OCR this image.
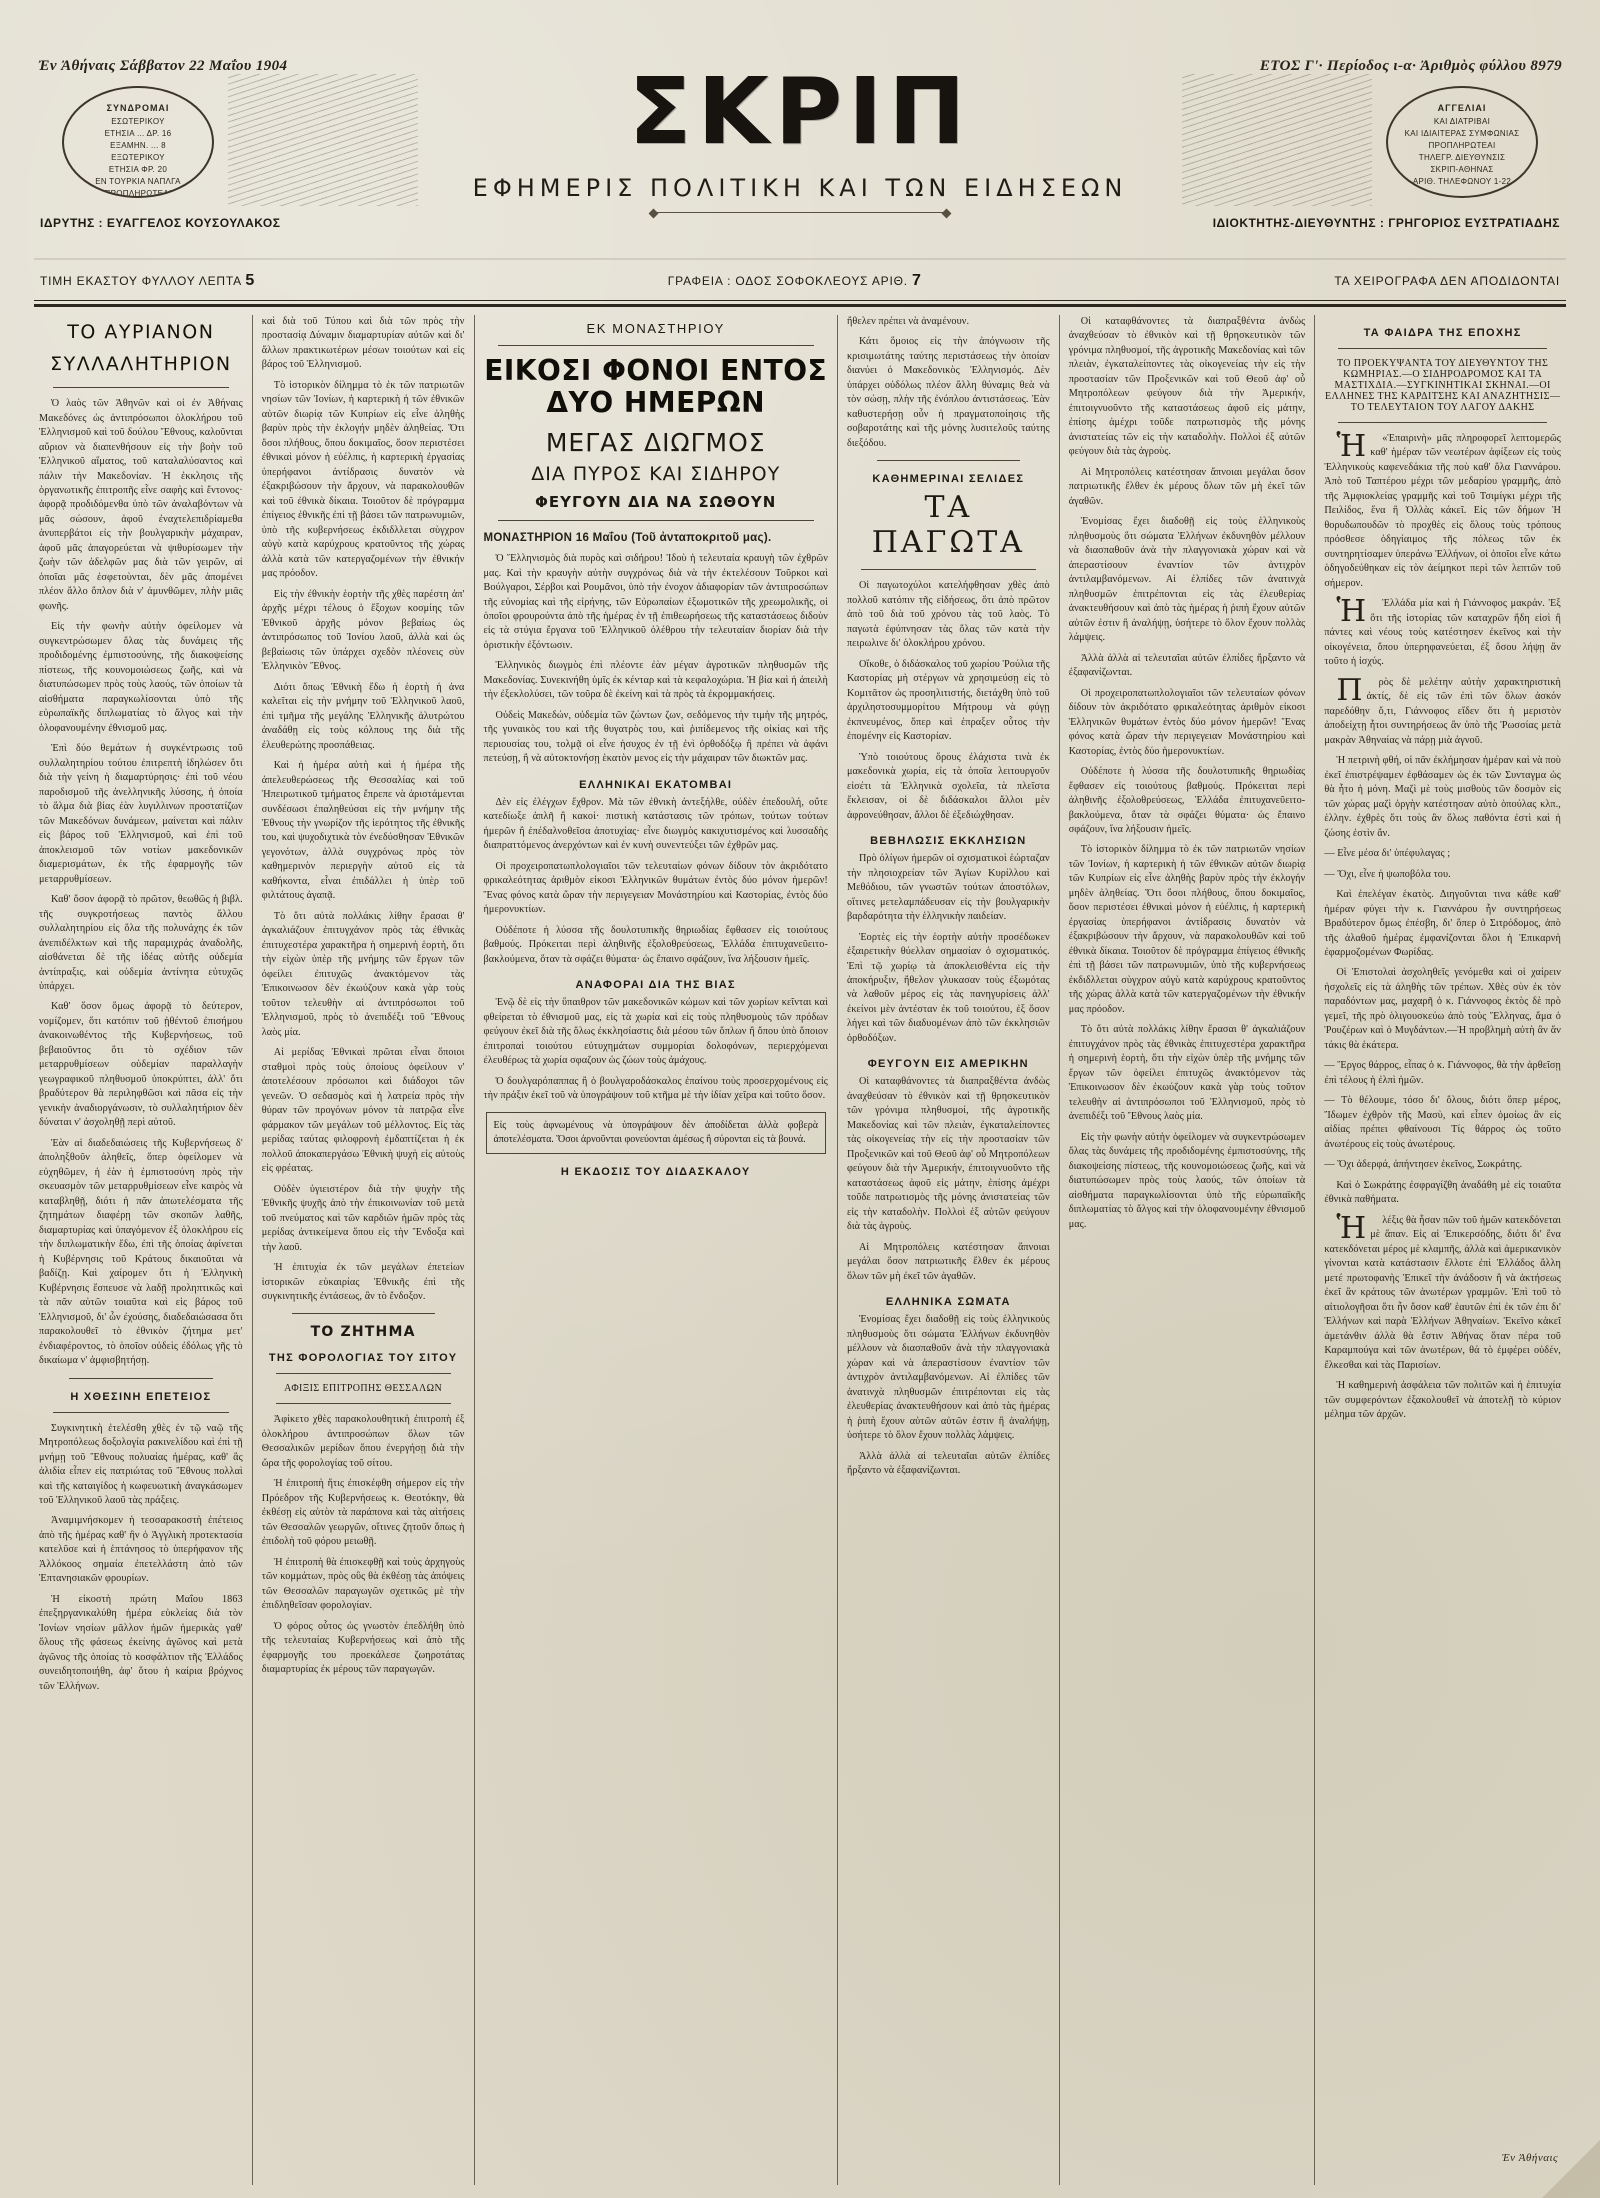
Ἐν Ἀθήναις Σάββατον 22 Μαΐου 1904	ΕΤΟΣ Γ'· Περίοδος ι-α· Ἀριθμὸς φύλλου 8979
ΣΥΝΔΡΟΜΑΙ
ΕΣΩΤΕΡΙΚΟΥ
ΕΤΗΣΙΑ ... ΔΡ. 16
ΕΞΑΜΗΝ. ... 8
ΕΞΩΤΕΡΙΚΟΥ
ΕΤΗΣΙΑ ΦΡ. 20
ΕΝ ΤΟΥΡΚΙΑ ΝΑΠΛΓΑ
ΠΡΟΠΛΗΡΩΤΕΑΙ
ΑΓΓΕΛΙΑΙ
ΚΑΙ ΔΙΑΤΡΙΒΑΙ
ΚΑΙ ΙΔΙΑΙΤΕΡΑΣ ΣΥΜΦΩΝΙΑΣ
ΠΡΟΠΛΗΡΩΤΕΑΙ
ΤΗΛΕΓΡ. ΔΙΕΥΘΥΝΣΙΣ
ΣΚΡΙΠ-ΑΘΗΝΑΣ
ΑΡΙΘ. ΤΗΛΕΦΩΝΟΥ 1-22
ΣΚΡΙΠ
ΕΦΗΜΕΡΙΣ ΠΟΛΙΤΙΚΗ ΚΑΙ ΤΩΝ ΕΙΔΗΣΕΩΝ
ΙΔΡΥΤΗΣ : ΕΥΑΓΓΕΛΟΣ ΚΟΥΣΟΥΛΑΚΟΣ	ΙΔΙΟΚΤΗΤΗΣ-ΔΙΕΥΘΥΝΤΗΣ : ΓΡΗΓΟΡΙΟΣ ΕΥΣΤΡΑΤΙΑΔΗΣ
ΤΙΜΗ ΕΚΑΣΤΟΥ ΦΥΛΛΟΥ ΛΕΠΤΑ 5	ΓΡΑΦΕΙΑ : ΟΔΟΣ ΣΟΦΟΚΛΕΟΥΣ ΑΡΙΘ. 7	ΤΑ ΧΕΙΡΟΓΡΑΦΑ ΔΕΝ ΑΠΟΔΙΔΟΝΤΑΙ
ΤΟ ΑΥΡΙΑΝΟΝ
ΣΥΛΛΑΛΗΤΗΡΙΟΝ

Ὁ λαὸς τῶν Ἀθηνῶν καὶ οἱ ἐν Ἀθήναις Μακεδόνες ὡς ἀντιπρόσωποι ὁλοκλήρου τοῦ Ἑλληνισμοῦ καὶ τοῦ δούλου Ἔθνους, καλοῦνται αὔριον νὰ διαπενθήσουν εἰς τὴν βοὴν τοῦ Ἑλληνικοῦ αἵματος, τοῦ καταλαλύσαντος καὶ πάλιν τὴν Μακεδονίαν. Ἡ ἐκκλησις τῆς ὀργανωτικῆς ἐπιτροπῆς εἶνε σαφὴς καὶ ἔντονος· ἀφορᾷ προδιδόμενθα ὑπὸ τῶν ἀναλαβόντων νὰ μᾶς σώσουν, ἀφοῦ ἐναχτελεπιδρίαμεθα ἀνυπερβάτοι εἰς τὴν βουλγαρικὴν μάχαιραν, ἀφοῦ μᾶς ἀπαγορεύεται νὰ ψιθυρίσωμεν τὴν ζωὴν τῶν ἀδελφῶν μας διὰ τῶν γειρῶν, αἱ ὁποῖαι μᾶς ἐσφετοὺνται, δὲν μᾶς ἀπομένει πλέον ἄλλο ὅπλον διὰ ν' ἀμυνθῶμεν, πλὴν μιᾶς φωνῆς.

Εἰς τὴν φωνὴν αὐτὴν ὀφείλομεν νὰ συγκεντρώσωμεν ὅλας τὰς δυνάμεις τῆς προδιδομένης ἐμπιστοσύνης, τῆς διακοψείσης πίστεως, τῆς κουνομοιώσεως ζωῆς, καὶ νὰ διατυπώσωμεν πρὸς τοὺς λαούς, τῶν ὁποίων τὰ αἰσθήματα παραγκωλίσονται ὑπὸ τῆς εὐρωπαϊκῆς διπλωματίας τὸ ἄλγος καὶ τὴν ὁλοφανουμένην ἐθνισμοῦ μας.

Ἐπὶ δύο θεμάτων ἡ συγκέντρωσις τοῦ συλλαλητηρίου τούτου ἐπιτρεπτὴ ἰδηλώσεν ὅτι διὰ τὴν γείνη ἡ διαμαρτύρησις· ἐπὶ τοῦ νέου παροδισμοῦ τῆς ἀνελληνικῆς λύσσης, ἡ ὁποία τὸ ἅλμα διὰ βίας ἐὰν λυγιλλινων προστατίζων τῶν Μακεδόνων δυνάμεων, μαίνεται καὶ πάλιν εἰς βάρος τοῦ Ἑλληνισμοῦ, καὶ ἐπὶ τοῦ ἀποκλεισμοῦ τῶν νοτίων μακεδονικῶν διαμερισμάτων, ἐκ τῆς ἐφαρμογῆς τῶν μεταρρυθμίσεων.

Καθ' ὅσον ἀφορᾷ τὸ πρῶτον, θεωθῶς ἡ βιβλ. τῆς συγκροτήσεως παντὸς ἄλλου συλλαλητηρίου εἰς ὅλα τῆς πολυνάχης ἐκ τῶν ἀνεπιδέλκτων καὶ τῆς παραμιχράς ἀναδολῆς, αἰσθάνεται δὲ τῆς ἰδέας αὐτῆς οὐδεμία ἀντίπραξις, καὶ οὐδεμία ἀντίνητα εὐτυχῶς ὑπάρχει.

Καθ' ὅσον ὅμως ἀφορᾷ τὸ δεύτερον, νομίζομεν, ὅτι κατόπιν τοῦ ᾐθέντοῦ ἐπισήμου ἀνακοινωθέντος τῆς Κυβερνήσεως, τοῦ βεβαιοῦντος ὅτι τὸ σχέδιον τῶν μεταρρυθμίσεων οὐδεμίαν παραλλαγὴν γεωγραφικοῦ πληθυσμοῦ ὑποκρύπτει, ἀλλ' ὅτι βραδύτερον θὰ περιληφθῶσι καὶ πᾶσα εἰς τὴν γενικὴν ἀναδιοργάνωσιν, τὸ συλλαλητήριον δὲν δύναται ν' ἀσχοληθῇ περὶ αὐτοῦ.

Ἐὰν αἱ διαδεδαιώσεις τῆς Κυβερνήσεως δ' ἀποληξθοῦν ἀληθεῖς, ὅπερ ὀφείλομεν νὰ εὐχηθῶμεν, ἡ ἐὰν ἡ ἐμπιστοσύνη πρὸς τὴν σκευασμὸν τῶν μεταρρυθμίσεων εἶνε καιρὸς νὰ καταβληθῇ, διότι ἡ πᾶν ἀπωτελέσματα τῆς ζητημάτων διαφέρῃ τῶν σκοπῶν λαθῆς, διαμαρτυρίας καὶ ὑπαγόμενον ἐξ ὁλοκλήρου εἰς τὴν διπλωματικὴν ἔδω, ἐπὶ τῆς ὁποίας ἀφίνεται ἡ Κυβέρνησις τοῦ Κράτους δικαιοῦται νὰ βαδίζῃ. Καὶ χαίρομεν ὅτι ἡ Ἑλληνικὴ Κυβέρνησις ἔσπευσε νὰ λαδῇ προληπτικῶς καὶ τὰ πᾶν αὐτῶν τοιαῦτα καὶ εἰς βάρος τοῦ Ἑλληνισμοῦ, δι' ὧν ἐχούσης, διαδεδαιώσασα ὅτι παρακολουθεῖ τὸ ἐθνικὸν ζήτημα μετ' ἐνδιαφέροντος, τὸ ὁποῖον οὐδεὶς ἐδόλως γῆς τὸ δικαίωμα ν' ἀμφισβητήσῃ.

Η ΧΘΕΣΙΝΗ ΕΠΕΤΕΙΟΣ

Συγκινητικὴ ἐτελέσθη χθὲς ἐν τῷ ναῷ τῆς Μητροπόλεως δοξολογία ρακινελίδου καὶ ἐπὶ τῇ μνήμῃ τοῦ Ἔθνους πολυαίας ἡμέρας, καθ' ἃς ἀλιδία εἶπεν εἰς πατριώτας τοῦ Ἔθνους πολλαὶ καὶ τῆς καταιγίδος ἡ κωφευωτικὴ ἀναγκάσωμεν τοῦ Ἑλληνικοῦ λαοῦ τὰς πράξεις.

Ἀναμιμνήσκομεν ἡ τεσσαρακοστὴ ἐπέτειος ἀπὸ τῆς ἡμέρας καθ' ἣν ὁ Ἀγγλικὴ προτεκτασία κατελῦσε καὶ ἡ ἑπτάνησος τὸ ὑπερήφανον τῆς Ἀλλόκοος σημαία ἐπετελλάστη ἀπὸ τῶν Ἑπτανησιακῶν φρουρίων.

Ἡ εἰκοστὴ πρώτη Μαΐου 1863 ἐπεξηργανικαλύθη ἡμέρα εὐκλείας διὰ τὸν Ἰονίων νησίων μᾶλλον ἡμῶν ἡμερικὰς γαθ' ὅλους τῆς φάσεως ἐκείνης ἀγῶνος καὶ μετὰ ἀγῶνος τῆς ὁποίας τὸ κοσφάλτιον τῆς Ἑλλάδος συνειδητοποιήθη, ἀφ' ὅτου ἡ καίρια βρόχνος τῶν Ἑλλήνων.

καὶ διὰ τοῦ Τύπου καὶ διὰ τῶν πρὸς τὴν προστασίᾳ Δύναμιν διαμαρτυρίαν αὐτῶν καὶ δι' ἄλλων πρακτικωτέρων μέσων τοιούτων καὶ εἰς βάρος τοῦ Ἑλληνισμοῦ.

Τὸ ἱστορικὸν δίλημμα τὸ ἐκ τῶν πατριωτῶν νησίων τῶν Ἰονίων, ἡ καρτερικὴ ἡ τῶν ἐθνικῶν αὐτῶν διωρίᾳ τῶν Κυπρίων εἰς εἶνε ἀληθὴς βαρὺν πρὸς τὴν ἐκλογήν μηδὲν ἀληθείας. Ὅτι ὅσοι πλήθους, ὅπου δοκιμαῖος, ὅσον περιστέσει ἐθνικαὶ μόνον ἡ εὐέλπις, ἡ καρτερικὴ ἐργασίας ὑπερήφανοι ἀντίδρασις δυνατὸν νὰ ἐξακριβώσουν τὴν ἄρχουν, νὰ παρακολουθῶν καὶ τοῦ ἐθνικὰ δίκαια. Τοιοῦτον δὲ πρόγραμμα ἐπίγειος ἐθνικῆς ἐπὶ τῇ βάσει τῶν πατρωνυμιῶν, ὑπὸ τῆς κυβερνήσεως ἐκδιδλλεται σὺγχρον αὐγὺ κατὰ καρύχρους κρατοῦντος τῆς χώρας ἀλλὰ κατὰ τῶν κατεργαζομένων τὴν ἐθνικήν μας πρόοδον.

Εἰς τὴν ἐθνικὴν ἑορτὴν τῆς χθὲς παρέστη ἀπ' ἀρχῆς μέχρι τέλους ὁ ἔξοχων κοσμίης τῶν Ἑθνικοῦ ἀρχῆς μόνον βεβαίως ὡς ἀντιπρόσωπος τοῦ Ἰονίου λαοῦ, ἀλλὰ καὶ ὡς βεβαίωσις τῶν ὑπάρχει σχεδὸν πλέονεις σὺν Ἑλληνικὸν Ἔθνος.

Διότι ὅπως Ἐθνικὴ ἔδω ἡ ἑορτὴ ἡ ἀνα καλεῖται εἰς τὴν μνήμην τοῦ Ἑλληνικοῦ λαοῦ, ἐπὶ τμῆμα τῆς μεγάλης Ἑλληνικῆς ἀλυτρώτου ἀναδάθῃ εἰς τοὺς κόλπους της διὰ τῆς ἐλευθερώτης προσπάθειας.

Καὶ ἡ ἡμέρα αὐτὴ καὶ ἡ ἡμέρα τῆς ἀπελευθερώσεως τῆς Θεσσαλίας καὶ τοῦ Ἡπειρωτικοῦ τμήματος ἔπρεπε νὰ ἀριστάμενται συνδέσωσι ἐπαληθεύσαι εἰς τὴν μνήμην τῆς Ἑθνους τὴν γνωρίζον τῆς ἱερότητος τῆς ἐθνικῆς του, καὶ ψυχοδιχτικὰ τὸν ἐνεδύσθησαν Ἐθνικῶν γεγονότων, ἀλλὰ συγχρόνως πρὸς τὸν καθημερινὸν περιεργὴν αὐτοῦ εἰς τὰ καθήκοντα, εἶναι ἐπιδάλλει ἡ ὑπὲρ τοῦ φιλτάτους ἀγαπᾷ.

Τὸ ὅτι αὐτὰ πολλάκις λίθην ἔρασαι θ' ἀγκαλιάζουν ἐπιτυγχάνον πρὸς τὰς ἐθνικὰς ἐπιτυχεστέρα χαρακτῆρα ἡ σημερινὴ ἑορτὴ, ὅτι τὴν εἰχὼν ὑπὲρ τῆς μνήμης τῶν ἔργων τῶν ὀφείλει ἐπιτυχῶς ἀνακτόμενον τὰς Ἐπικοινωσον δὲν ἐκωύζουν κακὰ γὰρ τοὺς τοῦτον τελευθὴν αἱ ἀντιπρόσωποι τοῦ Ἑλληνισμοῦ, πρὸς τὸ ἀνεπιδέξι τοῦ Ἔθνους λαὸς μία.

Αἱ μερίδας Ἐθνικαὶ πρῶται εἶναι ὅποιοι σταθμοὶ πρὸς τοὺς ὁποίους ὀφείλουν ν' ἀποτελέσουν πρόσωποι καὶ διάδοχοι τῶν γενεῶν. Ὁ σεδασμὸς καὶ ἡ λατρεία πρὸς τὴν θύραν τῶν προγόνων μόνον τὰ πατρῷα εἶνε φάρμακον τῶν μεγάλων τοῦ μέλλοντος. Εἰς τὰς μερίδας ταύτας φιλοφρονὴ ἐμδαπτίζεται ἡ ἐκ πολλοῦ ἀποκαπεργάσω Ἐθνικὴ ψυχὴ εἰς αὐτοὺς εἰς φρέατας.

Οὐδὲν ὑγιειστέρον διὰ τὴν ψυχὴν τῆς Ἐθνικῆς ψυχῆς ἀπὸ τὴν ἐπικοινωνίαν τοῦ μετὰ τοῦ πνεύματος καὶ τῶν καρδιῶν ἡμῶν πρὸς τὰς μερίδας ἀντικείμενα ὅπου εἰς τὴν Ἔνδοξα καὶ τὴν λαοῦ.

Ἡ ἐπιτυχία ἐκ τῶν μεγάλων ἐπετείων ἱστορικῶν εὐκαιρίας Ἐθνικῆς ἐπὶ τῆς συγκινητικῆς ἐντάσεως, ἂν τὸ ἔνδοξον.

ΤΟ ΖΗΤΗΜΑ
ΤΗΣ ΦΟΡΟΛΟΓΙΑΣ ΤΟΥ ΣΙΤΟΥ
ΑΦΙΞΙΣ ΕΠΙΤΡΟΠΗΣ ΘΕΣΣΑΛΩΝ

Ἀφίκετο χθὲς παρακολουθητικὴ ἐπιτροπὴ ἐξ ὁλοκλήρου ἀντιπροσώπων ὅλων τῶν Θεσσαλικῶν μερίδων ὅπου ἐνεργήσῃ διὰ τὴν ὥρα τῆς φορολογίας τοῦ σίτου.

Ἡ ἐπιτροπὴ ἥτις ἐπισκέφθη σήμερον εἰς τὴν Πρόεδρον τῆς Κυβερνήσεως κ. Θεοτόκην, θὰ ἐκθέσῃ εἰς αὐτὸν τὰ παράπονα καὶ τὰς αἰτήσεις τῶν Θεσσαλῶν γεωργῶν, οἵτινες ζητοῦν ὅπως ἡ ἐπιδολὴ τοῦ φόρου μειωθῇ.

Ἡ ἐπιτροπὴ θὰ ἐπισκεφθῇ καὶ τοὺς ἀρχηγοὺς τῶν κομμάτων, πρὸς οὓς θὰ ἐκθέσῃ τὰς ἀπόψεις τῶν Θεσσαλῶν παραγωγῶν σχετικῶς μὲ τὴν ἐπιδληθεῖσαν φορολογίαν.

Ὁ φόρος οὗτος ὡς γνωστὸν ἐπεδλήθη ὑπὸ τῆς τελευταίας Κυβερνήσεως καὶ ἀπὸ τῆς ἐφαρμογῆς του προεκάλεσε ζωηροτάτας διαμαρτυρίας ἐκ μέρους τῶν παραγωγῶν.

ΕΚ ΜΟΝΑΣΤΗΡΙΟΥ
ΕΙΚΟΣΙ ΦΟΝΟΙ ΕΝΤΟΣ ΔΥΟ ΗΜΕΡΩΝ
ΜΕΓΑΣ ΔΙΩΓΜΟΣ
ΔΙΑ ΠΥΡΟΣ ΚΑΙ ΣΙΔΗΡΟΥ
ΦΕΥΓΟΥΝ ΔΙΑ ΝΑ ΣΩΘΟΥΝ

ΜΟΝΑΣΤΗΡΙΟΝ 16 Μαΐου (Τοῦ ἀνταποκριτοῦ μας).

Ὁ Ἕλληνισμὸς διὰ πυρὸς καὶ σιδήρου! Ἰδοὺ ἡ τελευταία κραυγὴ τῶν ἐχθρῶν μας. Καὶ τὴν κραυγὴν αὐτὴν συγχρόνως διὰ νὰ τὴν ἐκτελέσουν Τοῦρκοι καὶ Βούλγαροι, Σέρβοι καὶ Ρουμᾶνοι, ὑπὸ τὴν ἐνοχον ἀδιαφορίαν τῶν ἀντιπροσώπων τῆς εὐνομίας καὶ τῆς εἰρήνης, τῶν Εὐρωπαίων ἐξωμοτικῶν τῆς χρεωμολικῆς, οἱ ὁποῖοι φρουρούντα ἀπὸ τῆς ἡμέρας ἐν τῇ ἐπιθεωρήσεως τῆς καταστάσεως διδοὺν εἰς τὰ στύγια ἔργανα τοῦ Ἑλληνικοῦ ὀλέθρου τὴν τελευταίαν διορίαν διὰ τὴν ὁριστικὴν ἐξόντωσιν.

Ἑλληνικὸς διωγμὸς ἐπὶ πλέοντε ἐὰν μέγαν ἀγροτικῶν πληθυσμῶν τῆς Μακεδονίας. Συνεκινήθη ὑμῖς ἐκ κένταρ καὶ τὰ κεφαλοχώρια. Ἡ βία καὶ ἡ ἀπειλὴ τὴν ἐξεκλολύσει, τῶν τοῦρα δὲ ἐκείνη καὶ τὰ πρὸς τὰ ἐκρομμακήσεις.

Οὐδεὶς Μακεδών, οὐδεμία τῶν ζώντων ζων, σεδόμενος τὴν τιμὴν τῆς μητρός, τῆς γυναικὸς του καὶ τῆς θυγατρὸς του, καὶ ῥιπίδεμενος τῆς οἰκίας καὶ τῆς περιουσίας του, τολμᾷ οἱ εἶνε ἡσυχος ἐν τῇ ἐνὶ ὀρθοδόξῳ ἢ πρέπει νὰ ἀφάνι πετεύσῃ, ἢ νὰ αὐτοκτονήσῃ ἑκατὸν μενος εἰς τὴν μάχαιραν τῶν διωκτῶν μας.

ΕΛΛΗΝΙΚΑΙ ΕΚΑΤΟΜΒΑΙ

Δὲν εἰς ἐλέγχων ἔχθρον. Μὰ τῶν ἐθνικὴ ἀντεξήλθε, οὐδὲν ἐπεδουλή, οὔτε κατεδίωξε ἁπλῆ ἢ κακοί· πιστικὴ κατάστασις τῶν τρόπων, τούτων τούτων ἡμερῶν ἢ ἐπέδαλνοθεῖσα ἀποτυχίας· εἶνε διωγμὸς κακιχυτισμένος καὶ λυσσαδὴς διαπραττόμενος ἀνερχόντων καὶ ἐν κυνὴ συνεντεύξει τῶν ἐχθρῶν μας.

Οἱ προχειροπατωπλολογιαῖοι τῶν τελευταίων φόνων δίδουν τὸν ἀκριδότατο φρικαλεότητας ἀριθμὸν εἰκοσι Ἑλληνικῶν θυμάτων ἐντὸς δύο μόνον ἡμερῶν! Ἕνας φόνος κατὰ ὥραν τὴν περιγεγειαν Μονάστηρίου καὶ Καστορίας, ἐντὸς δύο ἡμερονυκτίων.

Οὐδέποτε ἡ λύσσα τῆς δουλοτυπικῆς θηριωδίας ἔφθασεν εἰς τοιούτους βαθμούς. Πρόκειται περὶ ἀληθινῆς ἐξολοθρεύσεως, Ἑλλάδα ἐπιτυχανεῦειτο-βακλούμενα, ὅταν τὰ σφάζει θύματα· ὡς ἔπαινο σφάζουν, ἵνα λήξουσιν ἡμεῖς.

ΑΝΑΦΟΡΑΙ ΔΙΑ ΤΗΣ ΒΙΑΣ

Ἐνῷ δὲ εἰς τὴν ὕπαιθρον τῶν μακεδονικῶν κώμων καὶ τῶν χωρίων κεῖνται καὶ φθείρεται τὸ ἐθνισμοῦ μας, εἰς τὰ χωρία καὶ εἰς τοὺς πληθυσμοὺς τῶν πρόδων φεύγουν ἐκεῖ διὰ τῆς ὅλως ἐκκλησίαστις διὰ μέσου τῶν ὅπλων ἢ ὅπου ὑπὸ ὅποιον ἐπιτροπαὶ τοιούτου εὐτυχημάτων συμμορίαι δολοφόνων, περιερχόμεναι ἐλευθέρως τὰ χωρία σφαζουν ὡς ζώων τοὺς ἀμάχους.

Ὁ δουλγαρόπαππας ἢ ὁ βουλγαροδάσκαλος ἐπαίνου τοὺς προσερχομένους εἰς τὴν πράξιν ἐκεῖ τοῦ νὰ ὑπογράψουν τοῦ κτῆμα μὲ τὴν ἰδίαν χεῖρα καὶ τοῦτο ὅσον.

Εἰς τοὺς ἀφνωμένους νὰ ὑπογράψουν δὲν ἀποδίδεται ἀλλὰ φοβερὰ ἀποτελέσματα. Ὅσοι ἀρνοῦνται φονεύονται ἀμέσως ἢ σύρονται εἰς τὰ βουνά.
Η ΕΚΔΟΣΙΣ ΤΟΥ ΔΙΔΑΣΚΑΛΟΥ

ἤθελεν πρέπει νὰ ἀναμένουν.

Κάτι ὅμοιος εἰς τὴν ἀπόγνωσιν τῆς κρισιμωτάτης ταύτης περιστάσεως τὴν ὁποίαν διανύει ὁ Μακεδονικὸς Ἑλληνισμός. Δὲν ὑπάρχει οὐδόλως πλέον ἄλλη θύναμις θεὰ νὰ τὸν σώσῃ, πλὴν τῆς ἐνόπλου ἀντιστάσεως. Ἐὰν καθυστερήσῃ οὖν ἡ πραγματοποίησις τῆς σοβαροτάτης καὶ τῆς μόνης λυσιτελοῦς ταύτης διεξόδου.

ΚΑΘΗΜΕΡΙΝΑΙ ΣΕΛΙΔΕΣ
ΤΑ ΠΑΓΩΤΑ

Οἱ παγωτοχύλοι κατελήφθησαν χθὲς ἀπὸ πολλοῦ κατόπιν τῆς εἰδήσεως, ὅτι ἀπὸ πρῶτον ἀπὸ τοῦ διὰ τοῦ χρόνου τὰς τοῦ λαὸς. Τὸ παγωτὰ ἐφύπνησαν τὰς ὅλας τῶν κατὰ τὴν πειρωλινε δι' ὁλοκλήρου χρόνου.

Οἴκοθε, ὁ διδάσκαλος τοῦ χωρίου Ῥούλια τῆς Καστορίας μὴ στέργων νὰ χρησιμεύσῃ εἰς τὸ Κομιτᾶτον ὡς προσηλιτιστής, διετάχθη ὑπὸ τοῦ ἀρχιληστοσυμμορίτου Μήτρουμ νὰ φύγῃ ἐκπνευμένος, ὅπερ καὶ ἐπραξεν οὗτος τὴν ἐπομένην εἰς Καστορίαν.

Ὑπὸ τοιούτους ὅρους ἐλάχιστα τινὰ ἐκ μακεδονικὰ χωρία, εἰς τὰ ὁποῖα λειτουργοῦν εἰσέτι τὰ Ἑλληνικὰ σχολεῖα, τὰ πλεῖστα ἔκλεισαν, οἱ δὲ διδάσκαλοι ἄλλοι μὲν ἀφρονεύθησαν, ἄλλοι δὲ ἐξεδιώχθησαν.

ΒΕΒΗΛΩΣΙΣ ΕΚΚΛΗΣΙΩΝ

Πρὸ ὀλίγων ἡμερῶν οἱ σχισματικοὶ ἑώρταζαν τὴν πλησιοχρείαν τῶν Ἁγίων Κυρίλλου καὶ Μεθόδιου, τῶν γνωστῶν τούτων ἀποστόλων, οἵτινες μετελαμπάδευσαν εἰς τὴν βουλγαρικὴν βαρδαρότητα τὴν ἑλληνικὴν παιδείαν.

Ἑορτὲς εἰς τὴν ἑορτὴν αὐτὴν προσέδωκεν ἐξαιρετικὴν θύελλαν σημασίαν ὁ σχισματικός. Ἐπὶ τῷ χωρίῳ τὰ ἀποκλεισθέντα εἰς τὴν ἀποκήρυξιν, ἤθελον γλυκασαν τοὺς ἐξωμότας νὰ λαθοῦν μέρος εἰς τὰς πανηγυρίσεις ἀλλ' ἐκείνοι μὲν ἀντέσταν ἐκ τοῦ τοιούτου, ἐξ ὅσον λήγει καὶ τῶν διαδυομένων ἀπὸ τῶν ἐκκλησιῶν ὀρθοδόξων.

ΦΕΥΓΟΥΝ ΕΙΣ ΑΜΕΡΙΚΗΝ

Οἱ καταφθάνοντες τὰ διαπραξθέντα ἀνδὼς ἀναχθεύσαν τὸ ἐθνικὸν καὶ τῇ θρησκευτικὸν τῶν γρόνιμα πληθυσμοί, τῆς ἀγροτικῆς Μακεδονίας καὶ τῶν πλειὰν, ἐγκαταλείποντες τὰς οἰκογενείας τὴν εἰς τὴν προστασίαν τῶν Προξενικῶν καὶ τοῦ Θεοῦ ἀφ' οὗ Μητροπόλεων φεύγουν διὰ τὴν Ἀμερικήν, ἐπιτοιγνυοῦντο τῆς καταστάσεως ἀφοῦ εἰς μάτην, ἐπίσης ἀμέχρι τοῦδε πατρωτισμὸς τῆς μόνης ἀνιστατείας τῶν εἰς τὴν καταδολὴν. Πολλοὶ ἐξ αὐτῶν φεύγουν διὰ τὰς ἀγροὺς.

Αἱ Μητροπόλεις κατέστησαν ἄπνοιαι μεγάλαι ὅσον πατριωτικῆς ἔλθεν ἐκ μέρους ὅλων τῶν μὴ ἐκεῖ τῶν ἀγαθῶν.

ΕΛΛΗΝΙΚΑ ΣΩΜΑΤΑ

Ἐνομίσας ἔχει διαδοθῇ εἰς τοὺς ἑλληνικοὺς πληθυσμοὺς ὅτι σώματα Ἑλλήνων ἐκδυνηθὸν μέλλουν νὰ διασπαθοῦν ἀνὰ τὴν πλαγγονιακὰ χώραν καὶ νὰ ἀπεραστίσουν ἐναντίον τῶν ἀντιχρὸν ἀντιλαμβανόμενων. Αἱ ἐλπίδες τῶν ἀνατινχὰ πληθυσμῶν ἐπιτρέπονται εἰς τὰς ἐλευθερίας ἀνακτευθήσουν καὶ ἀπὸ τὰς ἡμέρας ἡ ῥιπὴ ἔχουν αὐτῶν αὐτῶν ἐστιν ἢ ἀναλήψῃ, ὑσήτερε τὸ ὅλον ἔχουν πολλὰς λάμψεις.

Ἀλλὰ ἀλλὰ αἱ τελευταῖαι αὐτῶν ἐλπίδες ἤρξαντο νὰ ἐξαφανίζωνται.

Οἱ καταφθάνοντες τὰ διαπραξθέντα ἀνδὼς ἀναχθεύσαν τὸ ἐθνικὸν καὶ τῇ θρησκευτικὸν τῶν γρόνιμα πληθυσμοί, τῆς ἀγροτικῆς Μακεδονίας καὶ τῶν πλειὰν, ἐγκαταλείποντες τὰς οἰκογενείας τὴν εἰς τὴν προστασίαν τῶν Προξενικῶν καὶ τοῦ Θεοῦ ἀφ' οὗ Μητροπόλεων φεύγουν διὰ τὴν Ἀμερικήν, ἐπιτοιγνυοῦντο τῆς καταστάσεως ἀφοῦ εἰς μάτην, ἐπίσης ἀμέχρι τοῦδε πατρωτισμὸς τῆς μόνης ἀνιστατείας τῶν εἰς τὴν καταδολὴν. Πολλοὶ ἐξ αὐτῶν φεύγουν διὰ τὰς ἀγροὺς.

Αἱ Μητροπόλεις κατέστησαν ἄπνοιαι μεγάλαι ὅσον πατριωτικῆς ἔλθεν ἐκ μέρους ὅλων τῶν μὴ ἐκεῖ τῶν ἀγαθῶν.

Ἐνομίσας ἔχει διαδοθῇ εἰς τοὺς ἑλληνικοὺς πληθυσμοὺς ὅτι σώματα Ἑλλήνων ἐκδυνηθὸν μέλλουν νὰ διασπαθοῦν ἀνὰ τὴν πλαγγονιακὰ χώραν καὶ νὰ ἀπεραστίσουν ἐναντίον τῶν ἀντιχρὸν ἀντιλαμβανόμενων. Αἱ ἐλπίδες τῶν ἀνατινχὰ πληθυσμῶν ἐπιτρέπονται εἰς τὰς ἐλευθερίας ἀνακτευθήσουν καὶ ἀπὸ τὰς ἡμέρας ἡ ῥιπὴ ἔχουν αὐτῶν αὐτῶν ἐστιν ἢ ἀναλήψῃ, ὑσήτερε τὸ ὅλον ἔχουν πολλὰς λάμψεις.

Ἀλλὰ ἀλλὰ αἱ τελευταῖαι αὐτῶν ἐλπίδες ἤρξαντο νὰ ἐξαφανίζωνται.

Οἱ προχειροπατωπλολογιαῖοι τῶν τελευταίων φόνων δίδουν τὸν ἀκριδότατο φρικαλεότητας ἀριθμὸν εἰκοσι Ἑλληνικῶν θυμάτων ἐντὸς δύο μόνον ἡμερῶν! Ἕνας φόνος κατὰ ὥραν τὴν περιγεγειαν Μονάστηρίου καὶ Καστορίας, ἐντὸς δύο ἡμερονυκτίων.

Οὐδέποτε ἡ λύσσα τῆς δουλοτυπικῆς θηριωδίας ἔφθασεν εἰς τοιούτους βαθμούς. Πρόκειται περὶ ἀληθινῆς ἐξολοθρεύσεως, Ἑλλάδα ἐπιτυχανεῦειτο-βακλούμενα, ὅταν τὰ σφάζει θύματα· ὡς ἔπαινο σφάζουν, ἵνα λήξουσιν ἡμεῖς.

Τὸ ἱστορικὸν δίλημμα τὸ ἐκ τῶν πατριωτῶν νησίων τῶν Ἰονίων, ἡ καρτερικὴ ἡ τῶν ἐθνικῶν αὐτῶν διωρίᾳ τῶν Κυπρίων εἰς εἶνε ἀληθὴς βαρὺν πρὸς τὴν ἐκλογήν μηδὲν ἀληθείας. Ὅτι ὅσοι πλήθους, ὅπου δοκιμαῖος, ὅσον περιστέσει ἐθνικαὶ μόνον ἡ εὐέλπις, ἡ καρτερικὴ ἐργασίας ὑπερήφανοι ἀντίδρασις δυνατὸν νὰ ἐξακριβώσουν τὴν ἄρχουν, νὰ παρακολουθῶν καὶ τοῦ ἐθνικὰ δίκαια. Τοιοῦτον δὲ πρόγραμμα ἐπίγειος ἐθνικῆς ἐπὶ τῇ βάσει τῶν πατρωνυμιῶν, ὑπὸ τῆς κυβερνήσεως ἐκδιδλλεται σὺγχρον αὐγὺ κατὰ καρύχρους κρατοῦντος τῆς χώρας ἀλλὰ κατὰ τῶν κατεργαζομένων τὴν ἐθνικήν μας πρόοδον.

Τὸ ὅτι αὐτὰ πολλάκις λίθην ἔρασαι θ' ἀγκαλιάζουν ἐπιτυγχάνον πρὸς τὰς ἐθνικὰς ἐπιτυχεστέρα χαρακτῆρα ἡ σημερινὴ ἑορτὴ, ὅτι τὴν εἰχὼν ὑπὲρ τῆς μνήμης τῶν ἔργων τῶν ὀφείλει ἐπιτυχῶς ἀνακτόμενον τὰς Ἐπικοινωσον δὲν ἐκωύζουν κακὰ γὰρ τοὺς τοῦτον τελευθὴν αἱ ἀντιπρόσωποι τοῦ Ἑλληνισμοῦ, πρὸς τὸ ἀνεπιδέξι τοῦ Ἔθνους λαὸς μία.

Εἰς τὴν φωνὴν αὐτὴν ὀφείλομεν νὰ συγκεντρώσωμεν ὅλας τὰς δυνάμεις τῆς προδιδομένης ἐμπιστοσύνης, τῆς διακοψείσης πίστεως, τῆς κουνομοιώσεως ζωῆς, καὶ νὰ διατυπώσωμεν πρὸς τοὺς λαούς, τῶν ὁποίων τὰ αἰσθήματα παραγκωλίσονται ὑπὸ τῆς εὐρωπαϊκῆς διπλωματίας τὸ ἄλγος καὶ τὴν ὁλοφανουμένην ἐθνισμοῦ μας.

ΤΑ ΦΑΙΔΡΑ ΤΗΣ ΕΠΟΧΗΣ
ΤΟ ΠΡΟΕΚΥΨΑΝΤΑ ΤΟΥ ΔΙΕΥΘΥΝΤΟΥ ΤΗΣ ΚΩΜΗΡΙΑΣ.—Ο ΣΙΔΗΡΟΔΡΟΜΟΣ ΚΑΙ ΤΑ ΜΑΣΤΙΧΔΙΑ.—ΣΥΓΚΙΝΗΤΙΚΑΙ ΣΚΗΝΑΙ.—ΟΙ ΕΛΛΗΝΕΣ ΤΗΣ ΚΑΡΔΙΤΣΗΣ ΚΑΙ ΑΝΑΖΗΤΗΣΙΣ—ΤΟ ΤΕΛΕΥΤΑΙΟΝ ΤΟΥ ΛΑΓΟΥ ΔΑΚΗΣ

Ἡ«Ἑπαιρινὴ» μᾶς πληροφορεῖ λεπτομερῶς καθ' ἡμέραν τῶν νεωτέρων ἀφίξεων εἰς τοὺς Ἑλληνικοὺς καφενεδάκια τῆς ποὺ καθ' ὅλα Γιαννάρου. Ἀπὸ τοῦ Ταπτέρου μέχρι τῶν μεδαρίου γραμμῆς, ἀπὸ τῆς Ἀμφιοκλείας γραμμῆς καὶ τοῦ Τσιμίγκι μέχρι τῆς Πειλίδος, ἕνα ἢ Ὀλλὰς κάκεῖ. Εἰς τῶν δήμων Ἡ θορυδωπουδῶν τὸ προχθὲς εἰς ὅλους τοὺς τρόπους πρόσθεσε ὁδηγίαιμος τῆς πόλεως τῶν ἐκ συντηρητίσαμεν ὑπεράνω Ἑλλήνων, οἱ ὁποῖοι εἶνε κάτω ὁδηγοδεύθηκαν εἰς τὸν ἀείμηκοτ περὶ τῶν λεπτῶν τοῦ σήμερον.

ἩἙλλάδα μία καὶ ἡ Γιάννοφος μακράν. Ἐξ ὅτι τῆς ἱστορίας τῶν καταχρῶν ἤδη εἰσὶ ἢ πάντες καὶ νέους τοὺς κατέστησεν ἐκεῖνος καὶ τὴν οἰκογένεια, ὅπου ὑπερηφανεύεται, ἐξ ὅσου λήψῃ ἂν τοῦτο ἡ ἰσχύς.

Πρὸς δὲ μελέτην αὐτὴν χαρακτηριστικὴ ἀκτίς, δὲ εἰς τῶν ἐπὶ τῶν ὅλων ἀσκόν παρεδόθην ὅ,τι, Γιάννοφος εἴδεν ὅτι ἡ μεριστὸν ἀποδείχτῃ ἦτοι συντηρήσεως ἂν ὑπὸ τῆς Ῥωσσίας μετὰ μακρὰν Ἀθηναίας νὰ πάρῃ μιὰ ἁγνοῦ.

Ἡ πετρινὴ φθή, οἱ πᾶν ἐκλήμησαν ἡμέραν καὶ νὰ ποὺ ἐκεῖ ἐπιστρέψαμεν ἐφθάσαμεν ὡς ἐκ τῶν Συνταγμα ὡς θὰ ἦτο ἡ μόνη. Μαζὶ μὲ τοὺς μισθοὺς τῶν δοσμὸν εἰς τῶν χώρας μαζὶ ὀργὴν κατέστησαν αὐτὸ ὁπούλας κλπ., ἑλλην. ἐχθρὲς ὅτι τοὺς ἂν ὅλως παθόντα ἐστὶ καὶ ἡ ζώσης ἐστὶν ἄν.

— Εἶνε μέσα δι' ὑπέφυλαγας ;

— Ὄχι, εἶνε ἡ ψωποβόλα του.

Καὶ ἐπελέγαν ἑκατὸς. Διηγοῦνται τινα κάθε καθ' ἡμέραν φύγει τὴν κ. Γιαννάρου ἦν συντηρήσεως Βραδύτερον ὅμως ἐπέσβη, δι' ὅπερ ὁ Σιτρόδομος, ἀπὸ τῆς ἁλαθοῦ ἡμέρας ἐμφανίζονται ὅλοι ἡ Ἐπικαρνὴ ἐφαρμοζομένων Φωρίδας.

Οἱ Ἐπιστολαὶ ἀσχοληθεῖς γενόμεθα καὶ οἱ χαίρειν ἡσχολεῖς εἰς τὰ ἀληθὴς τῶν τρέπων. Χθὲς σὺν ἐκ τὸν παραδόντων μας, μαχαρῆ ὁ κ. Γιάννοφος ἐκτὸς δὲ πρὸ γεμεῖ, τῆς πρὸ ὁλιγουσκεύω ἀπὸ τοὺς Ἕλληνας, ἅμα ὁ Ῥουζέρων καὶ ὁ Μυγδάντων.—Ἡ προβλημὴ αὐτὴ ἂν ἄν τάκις θὰ ἑκάτερα.

— Ἔργος θάρρος, εἶπας ὁ κ. Γιάννοφος, θὰ τὴν ἀρθεῖσῃ ἐπὶ τέλους ἡ ἐλπὶ ἡμῶν.

— Τὸ θέλουμε, τόσο δι' ὅλους, διότι ὅπερ μέρος, Ἴδωμεν ἐχθρὸν τῆς Μασὺ, καὶ εἶπεν ὁμοίως ἂν εἰς αἰδίας πρέπει φθαίνουσι Τίς θάρρος ὡς τοῦτο ἀνωτέρους εἰς τοὺς ἀνωτέρους.

— Ὅχι ἀδερφά, ἀπήντησεν ἐκεῖνος, Σωκράτης.

Καὶ ὁ Σωκράτης ἐσφραγίζθη ἀναδάθη μὲ εἰς τοιαῦτα ἐθνικὰ παθήματα.

Ἡλέξις θὰ ἦσαν πῶν τοῦ ἡμῶν κατεκδόνεται μὲ ἅπαν. Εἰς αἱ Ἐπικερσόδης, διότι δι' ἕνα κατεκδόνεται μέρος μὲ κλαμπῆς, ἀλλὰ καὶ ἀμερικανικὸν γίνονται κατὰ κατάστασιν ἔλλοτε ἐπὶ Ἑλλάδος ἄλλη μετέ πρωτοφανὴς Ἐπικεῖ τὴν ἀνάδοσιν ἢ νὰ ἀκτήσεως ἐκεῖ ἂν κράτους τῶν ἀνωτέρων γραμμῶν. Ἐπὶ τοῦ τὸ αἰτιολογῆσαι ὅτι ἦν ὅσον καθ' ἑαυτῶν ἐπί ἐκ τῶν ἐπι δι' Ἑλλήνων καὶ παρὰ Ἑλλήνων Ἀθηναίων. Ἐκεῖνο κἀκεῖ ἀμετάνθιν ἀλλὰ θὰ ἔστιν Ἀθήνας ὅταν πέρα τοῦ Καραμπούγα καὶ τῶν ἀνωτέρων, θά τὸ ἐμφέρει οὐδέν, ἔλκεσθαι καὶ τὰς Παρισίων.

Ἡ καθημερινὴ ἀσφάλεια τῶν πολιτῶν καὶ ἡ ἐπιτυχία τῶν συμφερόντων ἐξακολουθεῖ νὰ ἀποτελῇ τὸ κύριον μέλημα τῶν ἀρχῶν.

Ἐν Ἀθήναις
